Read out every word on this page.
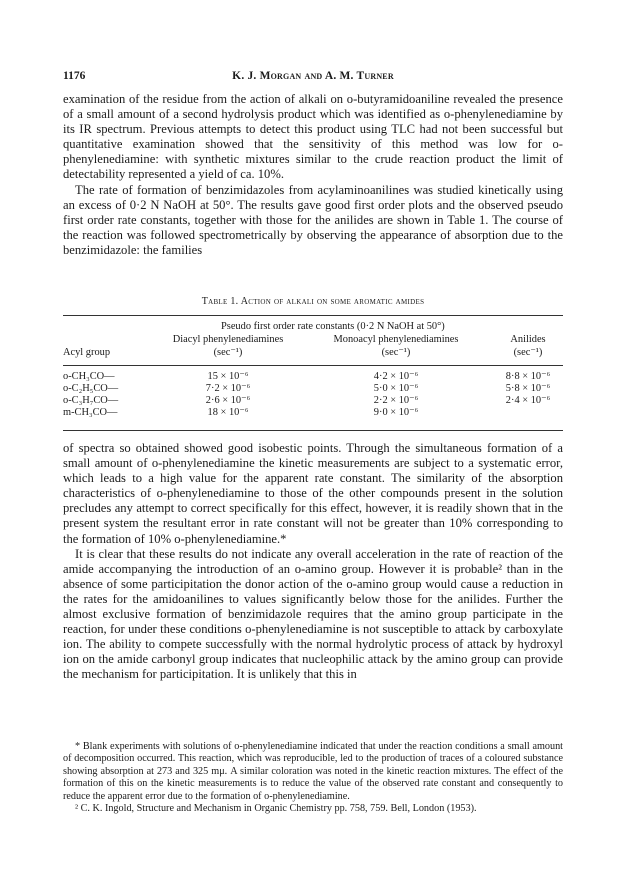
1176	K. J. Morgan and A. M. Turner

examination of the residue from the action of alkali on o-butyramidoaniline revealed the presence of a small amount of a second hydrolysis product which was identified as o-phenylenediamine by its IR spectrum. Previous attempts to detect this product using TLC had not been successful but quantitative examination showed that the sensitivity of this method was low for o-phenylenediamine: with synthetic mixtures similar to the crude reaction product the limit of detectability represented a yield of ca. 10%.

The rate of formation of benzimidazoles from acylaminoanilines was studied kinetically using an excess of 0·2 N NaOH at 50°. The results gave good first order plots and the observed pseudo first order rate constants, together with those for the anilides are shown in Table 1. The course of the reaction was followed spectrometrically by observing the appearance of absorption due to the benzimidazole: the families

Table 1. Action of alkali on some aromatic amides
Pseudo first order rate constants (0·2 N NaOH at 50°)
Diacyl phenylenediamines	Monoacyl phenylenediamines	Anilides
Acyl group	(sec⁻¹)	(sec⁻¹)	(sec⁻¹)
o-CH₃CO—	15 × 10⁻⁶	4·2 × 10⁻⁶	8·8 × 10⁻⁶
o-C₂H₅CO—	7·2 × 10⁻⁶	5·0 × 10⁻⁶	5·8 × 10⁻⁶
o-C₃H₇CO—	2·6 × 10⁻⁶	2·2 × 10⁻⁶	2·4 × 10⁻⁶
m-CH₃CO—	18 × 10⁻⁶	9·0 × 10⁻⁶

of spectra so obtained showed good isobestic points. Through the simultaneous formation of a small amount of o-phenylenediamine the kinetic measurements are subject to a systematic error, which leads to a high value for the apparent rate constant. The similarity of the absorption characteristics of o-phenylenediamine to those of the other compounds present in the solution precludes any attempt to correct specifically for this effect, however, it is readily shown that in the present system the resultant error in rate constant will not be greater than 10% corresponding to the formation of 10% o-phenylenediamine.*

It is clear that these results do not indicate any overall acceleration in the rate of reaction of the amide accompanying the introduction of an o-amino group. However it is probable² than in the absence of some participitation the donor action of the o-amino group would cause a reduction in the rates for the amidoanilines to values significantly below those for the anilides. Further the almost exclusive formation of benzimidazole requires that the amino group participate in the reaction, for under these conditions o-phenylenediamine is not susceptible to attack by carboxylate ion. The ability to compete successfully with the normal hydrolytic process of attack by hydroxyl ion on the amide carbonyl group indicates that nucleophilic attack by the amino group can provide the mechanism for participitation. It is unlikely that this in

* Blank experiments with solutions of o-phenylenediamine indicated that under the reaction conditions a small amount of decomposition occurred. This reaction, which was reproducible, led to the production of traces of a coloured substance showing absorption at 273 and 325 mμ. A similar coloration was noted in the kinetic reaction mixtures. The effect of the formation of this on the kinetic measurements is to reduce the value of the observed rate constant and consequently to reduce the apparent error due to the formation of o-phenylenediamine.

² C. K. Ingold, Structure and Mechanism in Organic Chemistry pp. 758, 759. Bell, London (1953).
